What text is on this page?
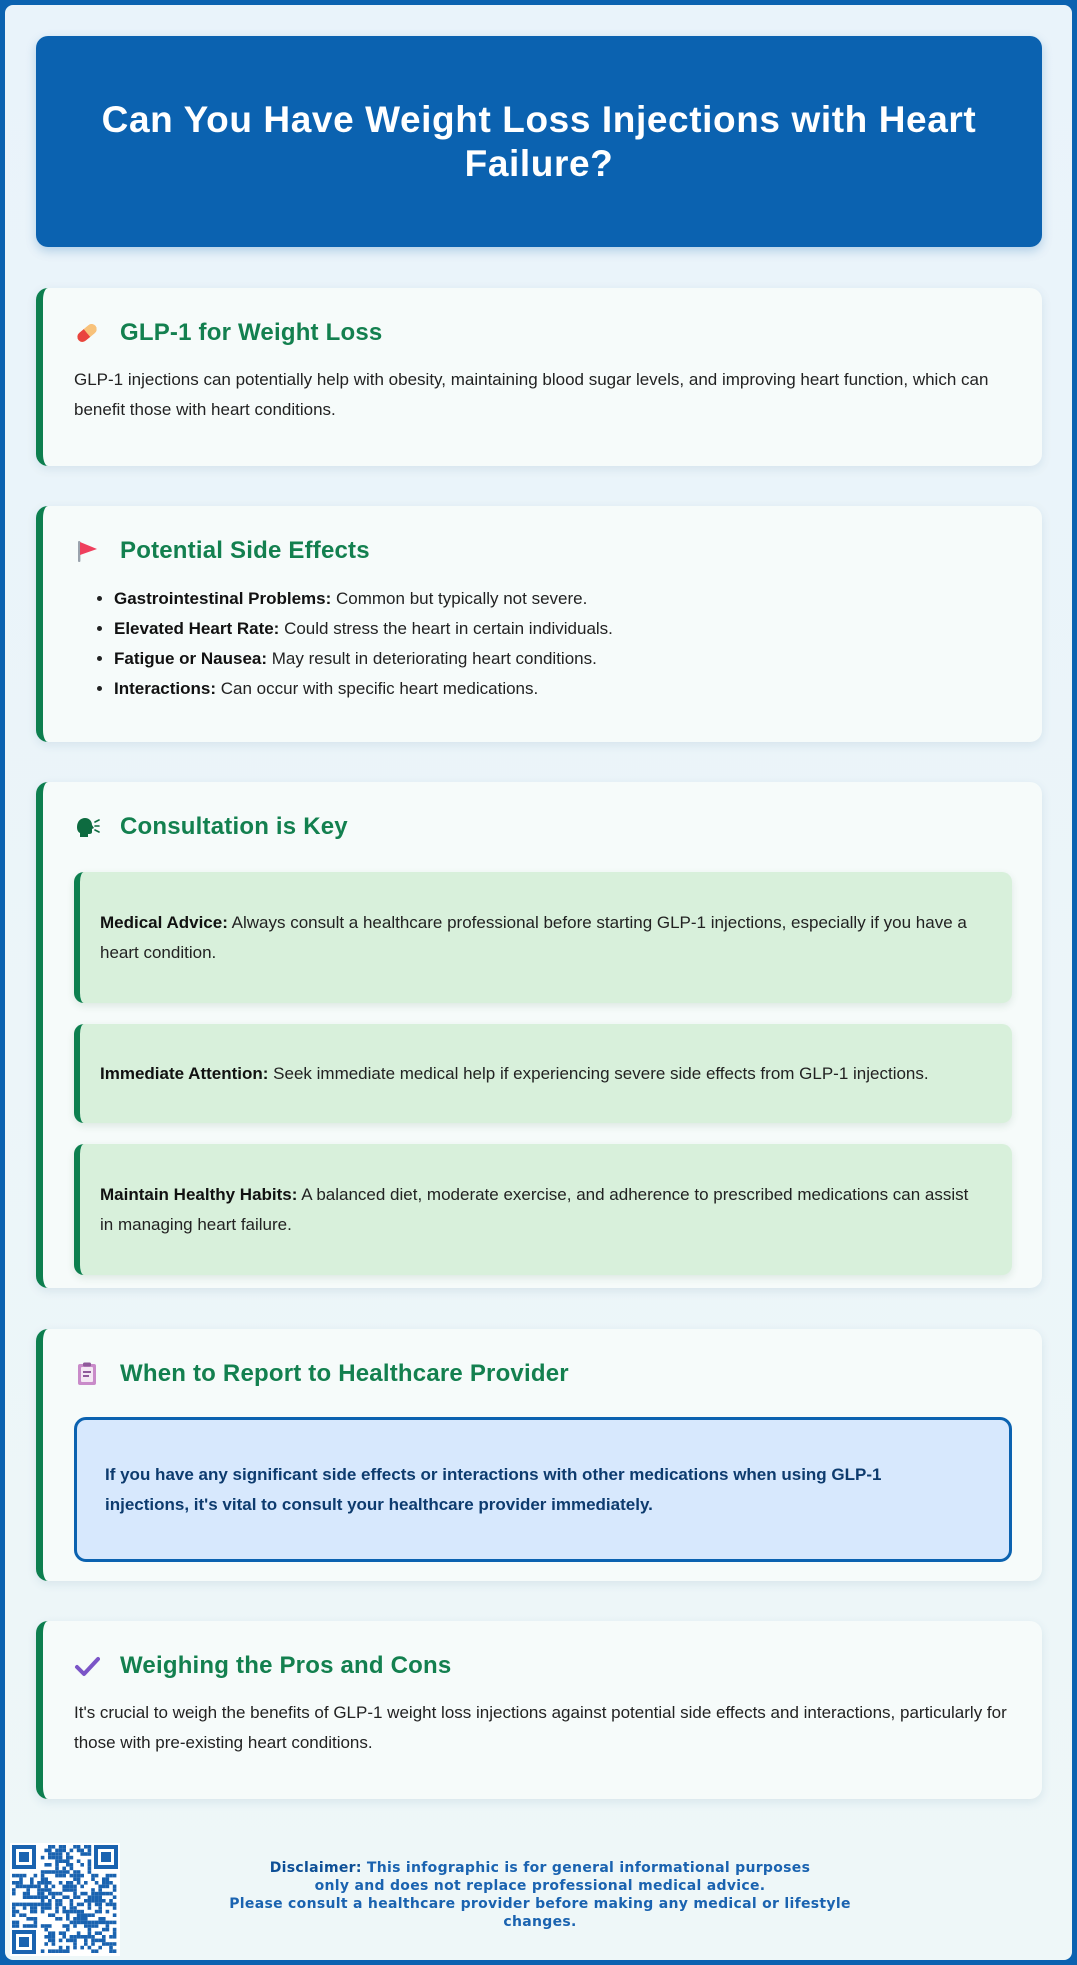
Can You Have Weight Loss Injections with Heart Failure?
GLP-1 for Weight Loss

GLP-1 injections can potentially help with obesity, maintaining blood sugar levels, and improving heart function, which can benefit those with heart conditions.

Potential Side Effects
• Gastrointestinal Problems: Common but typically not severe.
• Elevated Heart Rate: Could stress the heart in certain individuals.
• Fatigue or Nausea: May result in deteriorating heart conditions.
• Interactions: Can occur with specific heart medications.
Consultation is Key
Medical Advice: Always consult a healthcare professional before starting GLP-1 injections, especially if you have a heart condition.
Immediate Attention: Seek immediate medical help if experiencing severe side effects from GLP-1 injections.
Maintain Healthy Habits: A balanced diet, moderate exercise, and adherence to prescribed medications can assist in managing heart failure.
When to Report to Healthcare Provider
If you have any significant side effects or interactions with other medications when using GLP-1 injections, it's vital to consult your healthcare provider immediately.
Weighing the Pros and Cons

It's crucial to weigh the benefits of GLP-1 weight loss injections against potential side effects and interactions, particularly for those with pre-existing heart conditions.

Disclaimer: This infographic is for general informational purposes
only and does not replace professional medical advice.
Please consult a healthcare provider before making any medical or lifestyle changes.
